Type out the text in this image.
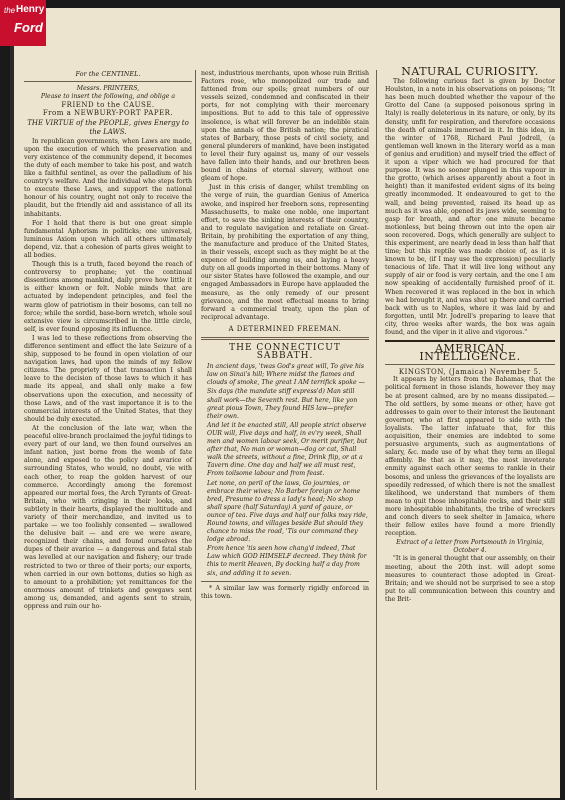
For the CENTINEL.
Messrs. PRINTERS,
Please to insert the following, and oblige a
FRIEND to the CAUSE.
From a NEWBURY-PORT PAPER.
THE VIRTUE of the PEOPLE, gives Energy to the LAWS.

In republican governments, when Laws are made, upon the execution of which the preservation and very existence of the community depend, it becomes the duty of each member to take his post, and watch like a faithful sentinel, as over the palladium of his country's welfare. And the individual who steps forth to execute these Laws, and support the national honour of his country, ought not only to receive the plaudit, but the friendly aid and assistance of all its inhabitants.

For I hold that there is but one great simple fundamental Aphorism in politicks; one universal, luminous Axiom upon which all others ultimately depend, viz. that a cohesion of parts gives weight to all bodies.

Though this is a truth, faced beyond the reach of controversy to prophane; yet the continual dissentions among mankind, daily prove how little it is either known or felt. Noble minds that are actuated by independent principles, and feel the warm glow of patriotism in their bosoms, can tell no force; while the sordid, base-born wretch, whole soul extensive view is circumscribed in the little circle, self, is ever found opposing its influence.

I was led to these reflections from observing the difference sentiment and effect the late Seizure of a ship, supposed to be found in open violation of our navigation laws, had upon the minds of my fellow citizens. The propriety of that transaction I shall leave to the decision of those laws to which it has made its appeal, and shall only make a few observations upon the execution, and necessity of those Laws, and of the vast importance it is to the commercial interests of the United States, that they should be duly executed.

At the conclusion of the late war, when the peaceful olive-branch proclaimed the joyful tidings to every part of our land, we then found ourselves an infant nation, just borne from the womb of fate alone, and exposed to the policy and avarice of surrounding States, who would, no doubt, vie with each other, to reap the golden harvest of our commerce. Accordingly among the foremost appeared our mortal foes, the Arch Tyrants of Great-Britain, who with cringing in their looks, and subtlety in their hearts, displayed the multitude and variety of their merchandize, and invited us to partake — we too foolishly consented — swallowed the delusive bait — and ere we were aware, recognized their chains, and found ourselves the dupes of their avarice — a dangerous and fatal stab was levelled at our navigation and fishery; our trade restricted to two or three of their ports; our exports, when carried in our own bottoms, duties so high as to amount to a prohibition; yet remittances for the enormous amount of trinkets and gewgaws sent among us, demanded, and agents sent to strain, oppress and ruin our ho-

nest, industrious merchants, upon whose ruin British Factors rose, who monopolized our trade and fattened from our spoils; great numbers of our vessels seized, condemned and confiscated in their ports, for not complying with their mercenary impositions. But to add to this tale of oppressive insolence, is what will forever be an indelible stain upon the annals of the British nation; the piratical states of Barbary, those pests of civil society, and general plunderers of mankind, have been instigated to level their fury against us, many of our vessels have fallen into their hands, and our brethren been bound in chains of eternal slavery, without one gleam of hope.

Just in this crisis of danger, whilst trembling on the verge of ruin, the guardian Genius of America awoke, and inspired her freeborn sons, representing Massachusetts, to make one noble, one important effort, to save the sinking interests of their country, and to regulate navigation and retaliate on Great-Britain, by prohibiting the exportation of any thing, the manufacture and produce of the United States, in their vessels, except such as they might be at the expence of building among us, and laying a heavy duty on all goods imported in their bottoms. Many of our sister States have followed the example, and our engaged Ambassadors in Europe have applauded the measure, as the only remedy of our present grievance, and the most effectual means to bring forward a commercial treaty, upon the plan of reciprocal advantage.

A DETERMINED FREEMAN.
THE CONNECTICUT SABBATH.

In ancient days, 'twas God's great will, To give his law on Sinai's hill; Where midst the flames and clouds of smoke, The great I AM terrifick spoke —

Six days (the mandate stiff express'd) Man still shall work—the Seventh rest. But here, like yon great pious Town, They found HIS law—prefer their own.

And let it be enacted still, All people strict observe OUR will, Five days and half, in ev'ry week, Shall men and women labour seek, Or merit purifier, but after that, No man or woman—dog or cat, Shall walk the streets, without a fine, Drink flip, or at a Tavern dine. One day and half we all must rest, From toilsome labour and from feast.

Let none, on peril of the laws, Go journies, or embrace their wives; No Barber foreign or home bred, Presume to dress a lady's head; No shop shall spare (half Saturday) A yard of gauze, or ounce of tea. Five days and half our folks may ride, Round towns, and villages beside But should they chance to miss the road, 'Tis our command they lodge abroad.

From hence 'tis seen how chang'd indeed, That Law which GOD HIMSELF decreed. They think for this to merit Heaven, By docking half a day from six, and adding it to seven.

* A similar law was formerly rigidly enforced in this town.

NATURAL CURIOSITY.

The following curious fact is given by Doctor Houlston, in a note in his observations on poisons; "It has been much doubted whether the vapour of the Grotto del Cane (a supposed poisonous spring in Italy) is really deleterious in its nature, or only, by its density, unfit for respiration, and therefore occasions the death of animals immersed in it. In this idea, in the winter of 1768, Richard Paul Jodrell, (a gentleman well known in the literary world as a man of genius and erudition) and myself tried the effect of it upon a viper which we had procured for that purpose. It was no sooner plunged in this vapour in the grotto, (which arises apparently about a foot in height) than it manifested evident signs of its being greatly incommoded. It endeavoured to get to the wall, and being prevented, raised its head up as much as it was able, opened its jaws wide, seeming to gasp for breath, and after one minute became motionless, but being thrown out into the open air soon recovered. Dogs, which generally are subject to this experiment, are nearly dead in less than half that time; but this reptile was made choice of, as it is known to be, (if I may use the expression) peculiarly tenacious of life. That it will live long without any supply of air or food is very certain, and the one I am now speaking of accidentally furnished proof of it. When recovered it was replaced in the box in which we had brought it, and was shut up there and carried back with us to Naples, where it was laid by and forgotten, until Mr. Jodrell's preparing to leave that city, three weeks after wards, the box was again found, and the viper in it alive and vigorous."

AMERICAN INTELLIGENCE.
KINGSTON, (Jamaica) November 5.

It appears by letters from the Bahamas, that the political ferment in those islands, however they may be at present calmed, are by no means dissipated.—The old settlers, by some means or other, have got addresses to gain over to their interest the lieutenant governor, who at first appeared to side with the loyalists. The latter infatuate that, for this acquisition, their enemies are indebted to some persuasive arguments, such as augmentations of salary, &c. made use of by what they term an illegal affembly. Be that as it may, the most inveterate enmity against each other seems to rankle in their bosoms, and unless the grievances of the loyalists are speedily redressed, of which there is not the smallest likelihood, we understand that numbers of them mean to quit those inhospitable rocks, and their still more inhospitable inhabitants, the tribe of wreckers and conch divers to seek shelter in Jamaica, where their fellow exiles have found a more friendly reception.

Extract of a letter from Portsmouth in Virginia, October 4.

"It is in general thought that our assembly, on their meeting, about the 20th inst. will adopt some measures to counteract those adopted in Great-Britain; and we should not be surprised to see a stop put to all communication between this country and the Brit-

the Henry
Ford
